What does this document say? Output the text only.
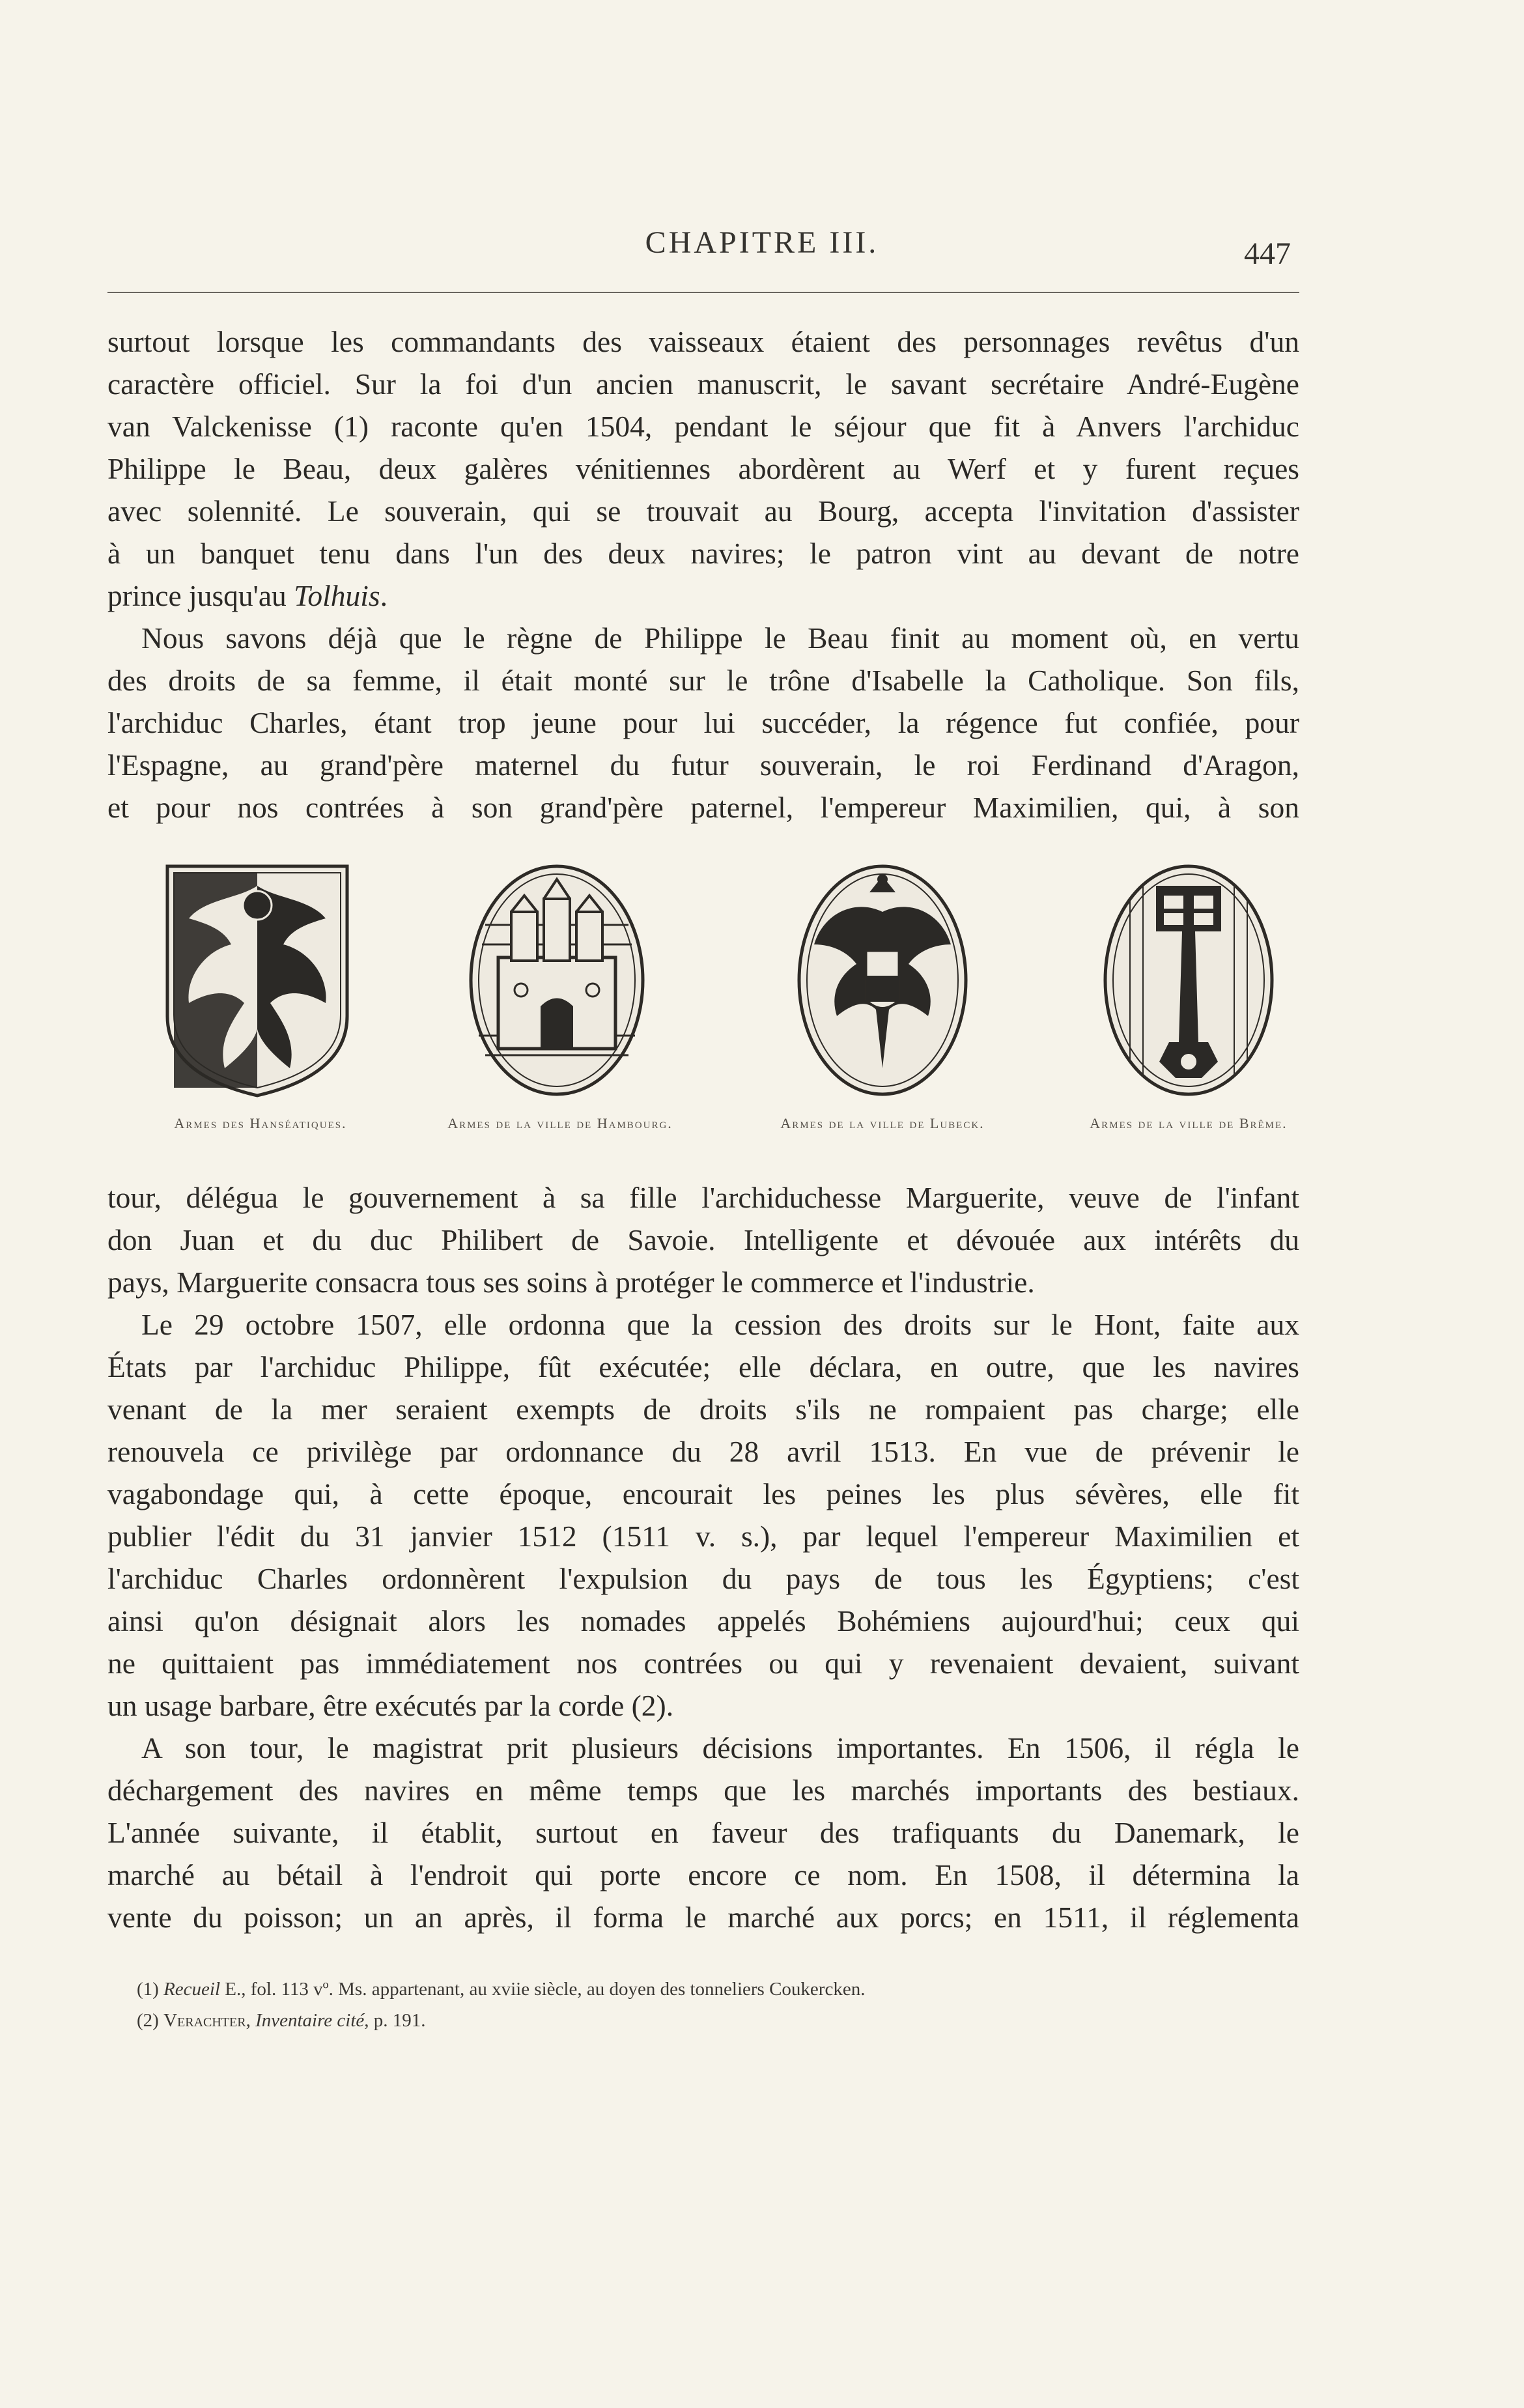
CHAPITRE III.	447

surtout lorsque les commandants des vaisseaux étaient des personnages revêtus d'un
caractère officiel. Sur la foi d'un ancien manuscrit, le savant secrétaire André-Eugène
van Valckenisse (1) raconte qu'en 1504, pendant le séjour que fit à Anvers l'archiduc
Philippe le Beau, deux galères vénitiennes abordèrent au Werf et y furent reçues
avec solennité. Le souverain, qui se trouvait au Bourg, accepta l'invitation d'assister
à un banquet tenu dans l'un des deux navires; le patron vint au devant de notre
prince jusqu'au Tolhuis.

Nous savons déjà que le règne de Philippe le Beau finit au moment où, en vertu
des droits de sa femme, il était monté sur le trône d'Isabelle la Catholique. Son fils,
l'archiduc Charles, étant trop jeune pour lui succéder, la régence fut confiée, pour
l'Espagne, au grand'père maternel du futur souverain, le roi Ferdinand d'Aragon,
et pour nos contrées à son grand'père paternel, l'empereur Maximilien, qui, à son

Armes des Hanséatiques.	Armes de la ville de Hambourg.	Armes de la ville de Lubeck.	Armes de la ville de Brême.

tour, délégua le gouvernement à sa fille l'archiduchesse Marguerite, veuve de l'infant
don Juan et du duc Philibert de Savoie. Intelligente et dévouée aux intérêts du
pays, Marguerite consacra tous ses soins à protéger le commerce et l'industrie.

Le 29 octobre 1507, elle ordonna que la cession des droits sur le Hont, faite aux
États par l'archiduc Philippe, fût exécutée; elle déclara, en outre, que les navires
venant de la mer seraient exempts de droits s'ils ne rompaient pas charge; elle
renouvela ce privilège par ordonnance du 28 avril 1513. En vue de prévenir le
vagabondage qui, à cette époque, encourait les peines les plus sévères, elle fit
publier l'édit du 31 janvier 1512 (1511 v. s.), par lequel l'empereur Maximilien et
l'archiduc Charles ordonnèrent l'expulsion du pays de tous les Égyptiens; c'est
ainsi qu'on désignait alors les nomades appelés Bohémiens aujourd'hui; ceux qui
ne quittaient pas immédiatement nos contrées ou qui y revenaient devaient, suivant
un usage barbare, être exécutés par la corde (2).

A son tour, le magistrat prit plusieurs décisions importantes. En 1506, il régla le
déchargement des navires en même temps que les marchés importants des bestiaux.
L'année suivante, il établit, surtout en faveur des trafiquants du Danemark, le
marché au bétail à l'endroit qui porte encore ce nom. En 1508, il détermina la
vente du poisson; un an après, il forma le marché aux porcs; en 1511, il réglementa

(1) Recueil E., fol. 113 vº. Ms. appartenant, au xviie siècle, au doyen des tonneliers Coukercken.
(2) Verachter, Inventaire cité, p. 191.
